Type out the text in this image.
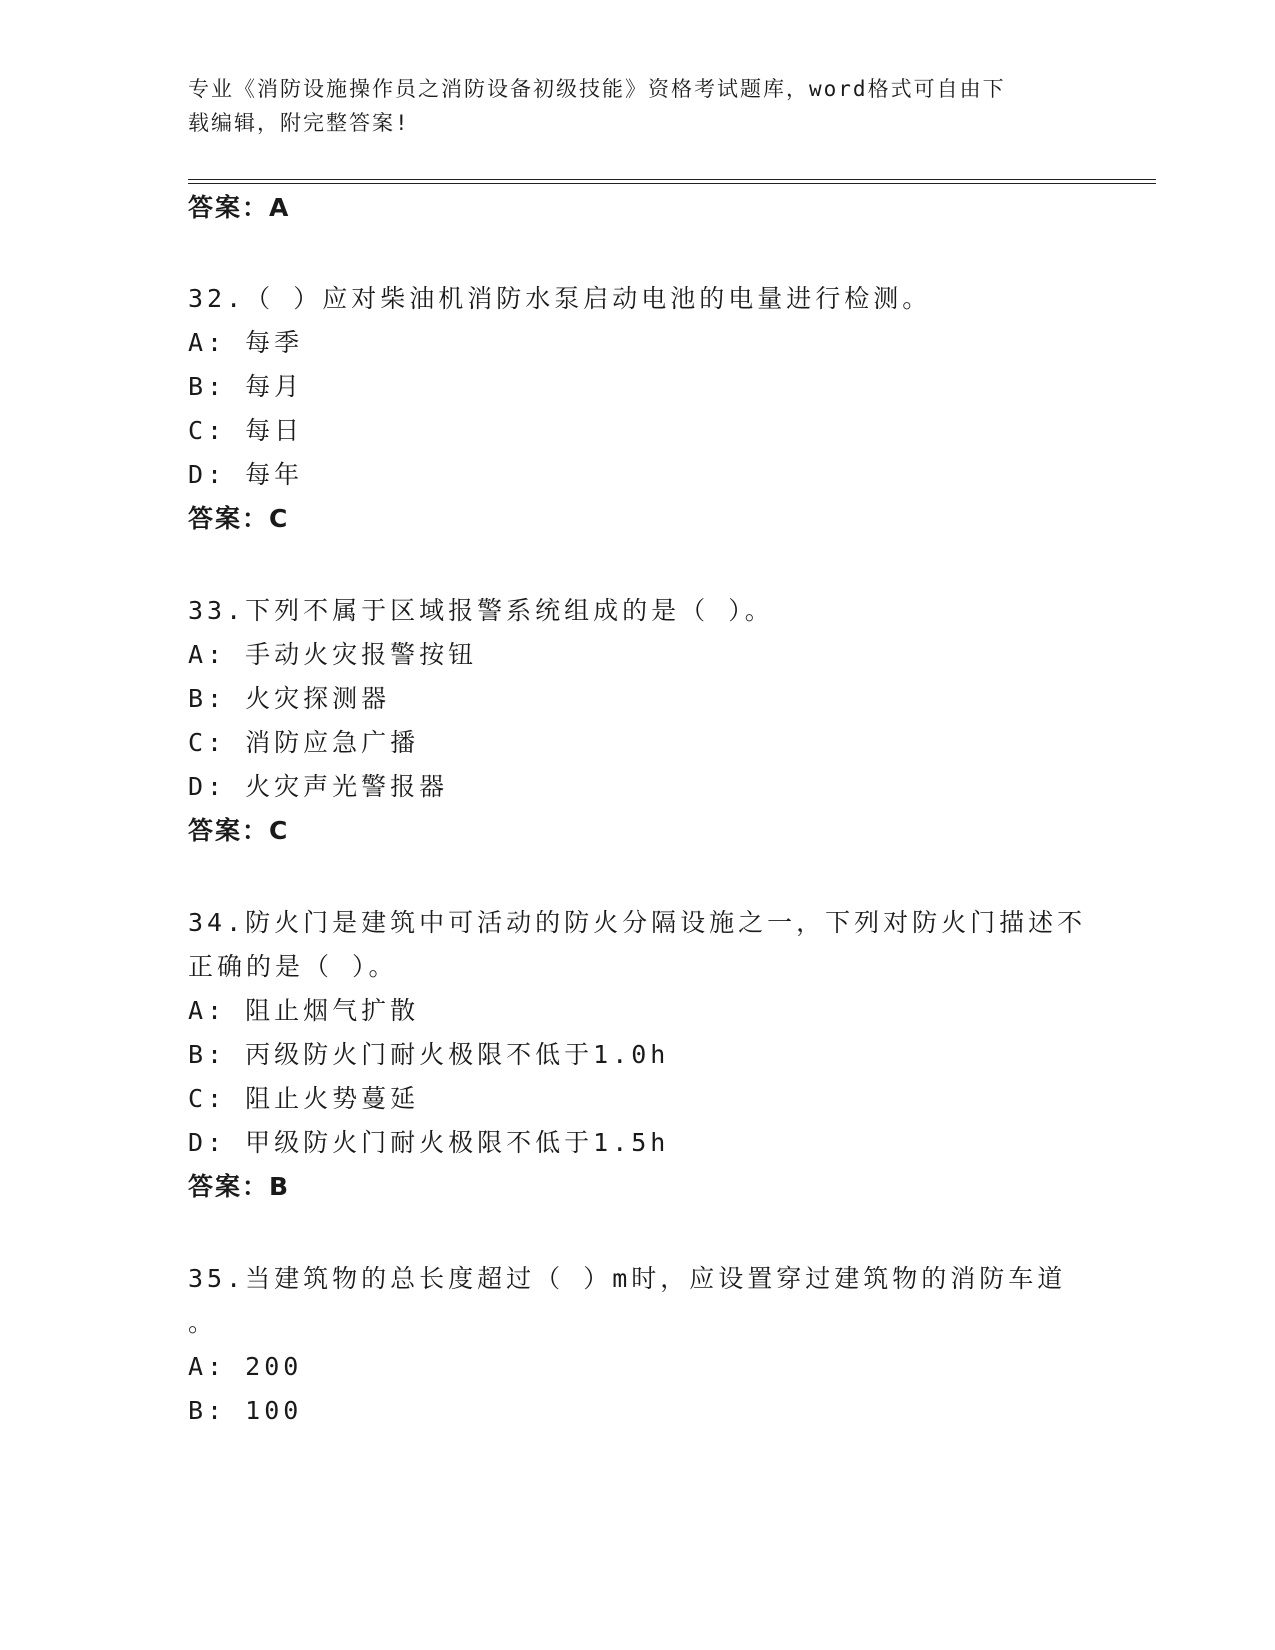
专业《消防设施操作员之消防设备初级技能》资格考试题库，word格式可自由下
载编辑，附完整答案!
答案：A
32.（ ）应对柴油机消防水泵启动电池的电量进行检测。
A: 每季
B: 每月
C: 每日
D: 每年
答案：C
33.下列不属于区域报警系统组成的是（ ）。
A: 手动火灾报警按钮
B: 火灾探测器
C: 消防应急广播
D: 火灾声光警报器
答案：C
34.防火门是建筑中可活动的防火分隔设施之一，下列对防火门描述不
正确的是（ ）。
A: 阻止烟气扩散
B: 丙级防火门耐火极限不低于1.0h
C: 阻止火势蔓延
D: 甲级防火门耐火极限不低于1.5h
答案：B
35.当建筑物的总长度超过（ ）m时，应设置穿过建筑物的消防车道
。
A: 200
B: 100
